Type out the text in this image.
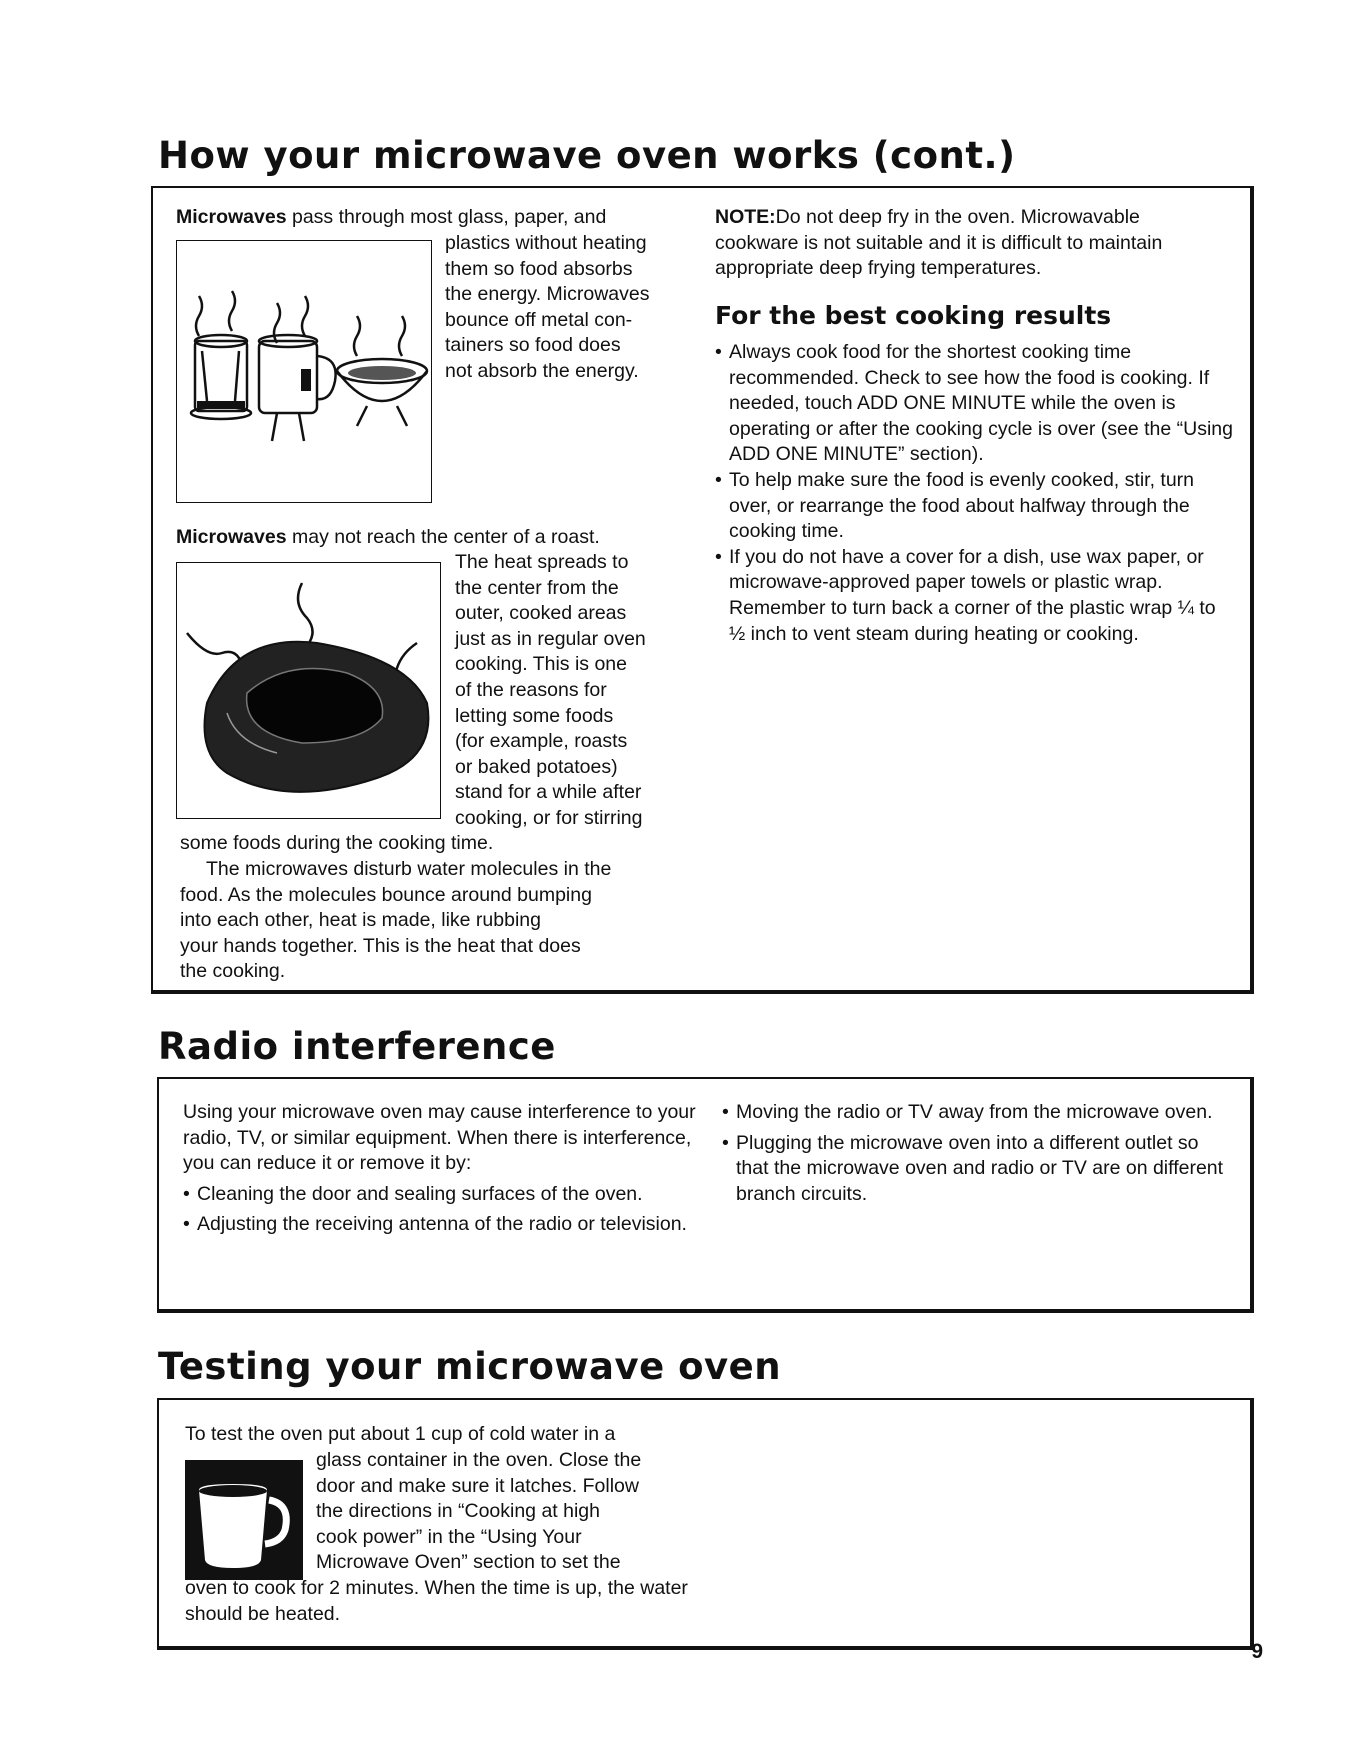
How your microwave oven works (cont.)
Microwaves pass through most glass, paper, and
plastics without heating
them so food absorbs
the energy. Microwaves
bounce off metal con-
tainers so food does
not absorb the energy.
Microwaves may not reach the center of a roast.
The heat spreads to
the center from the
outer, cooked areas
just as in regular oven
cooking. This is one
of the reasons for
letting some foods
(for example, roasts
or baked potatoes)
stand for a while after
cooking, or for stirring
some foods during the cooking time.
The microwaves disturb water molecules in the
food. As the molecules bounce around bumping
into each other, heat is made, like rubbing
your hands together. This is the heat that does
the cooking.
NOTE:Do not deep fry in the oven. Microwavable cookware is not suitable and it is difficult to maintain appropriate deep frying temperatures.
For the best cooking results
• Always cook food for the shortest cooking time recommended. Check to see how the food is cooking. If needed, touch ADD ONE MINUTE while the oven is operating or after the cooking cycle is over (see the “Using ADD ONE MINUTE” section).
• To help make sure the food is evenly cooked, stir, turn over, or rearrange the food about halfway through the cooking time.
• If you do not have a cover for a dish, use wax paper, or microwave-approved paper towels or plastic wrap. Remember to turn back a corner of the plastic wrap ¼ to ½ inch to vent steam during heating or cooking.
Radio interference
Using your microwave oven may cause interference to your radio, TV, or similar equipment. When there is interference, you can reduce it or remove it by:
• Cleaning the door and sealing surfaces of the oven.
• Adjusting the receiving antenna of the radio or television.
• Moving the radio or TV away from the microwave oven.
• Plugging the microwave oven into a different outlet so that the microwave oven and radio or TV are on different branch circuits.
Testing your microwave oven
To test the oven put about 1 cup of cold water in a
glass container in the oven. Close the
door and make sure it latches. Follow
the directions in “Cooking at high
cook power” in the “Using Your
Microwave Oven” section to set the
oven to cook for 2 minutes. When the time is up, the water should be heated.
9
